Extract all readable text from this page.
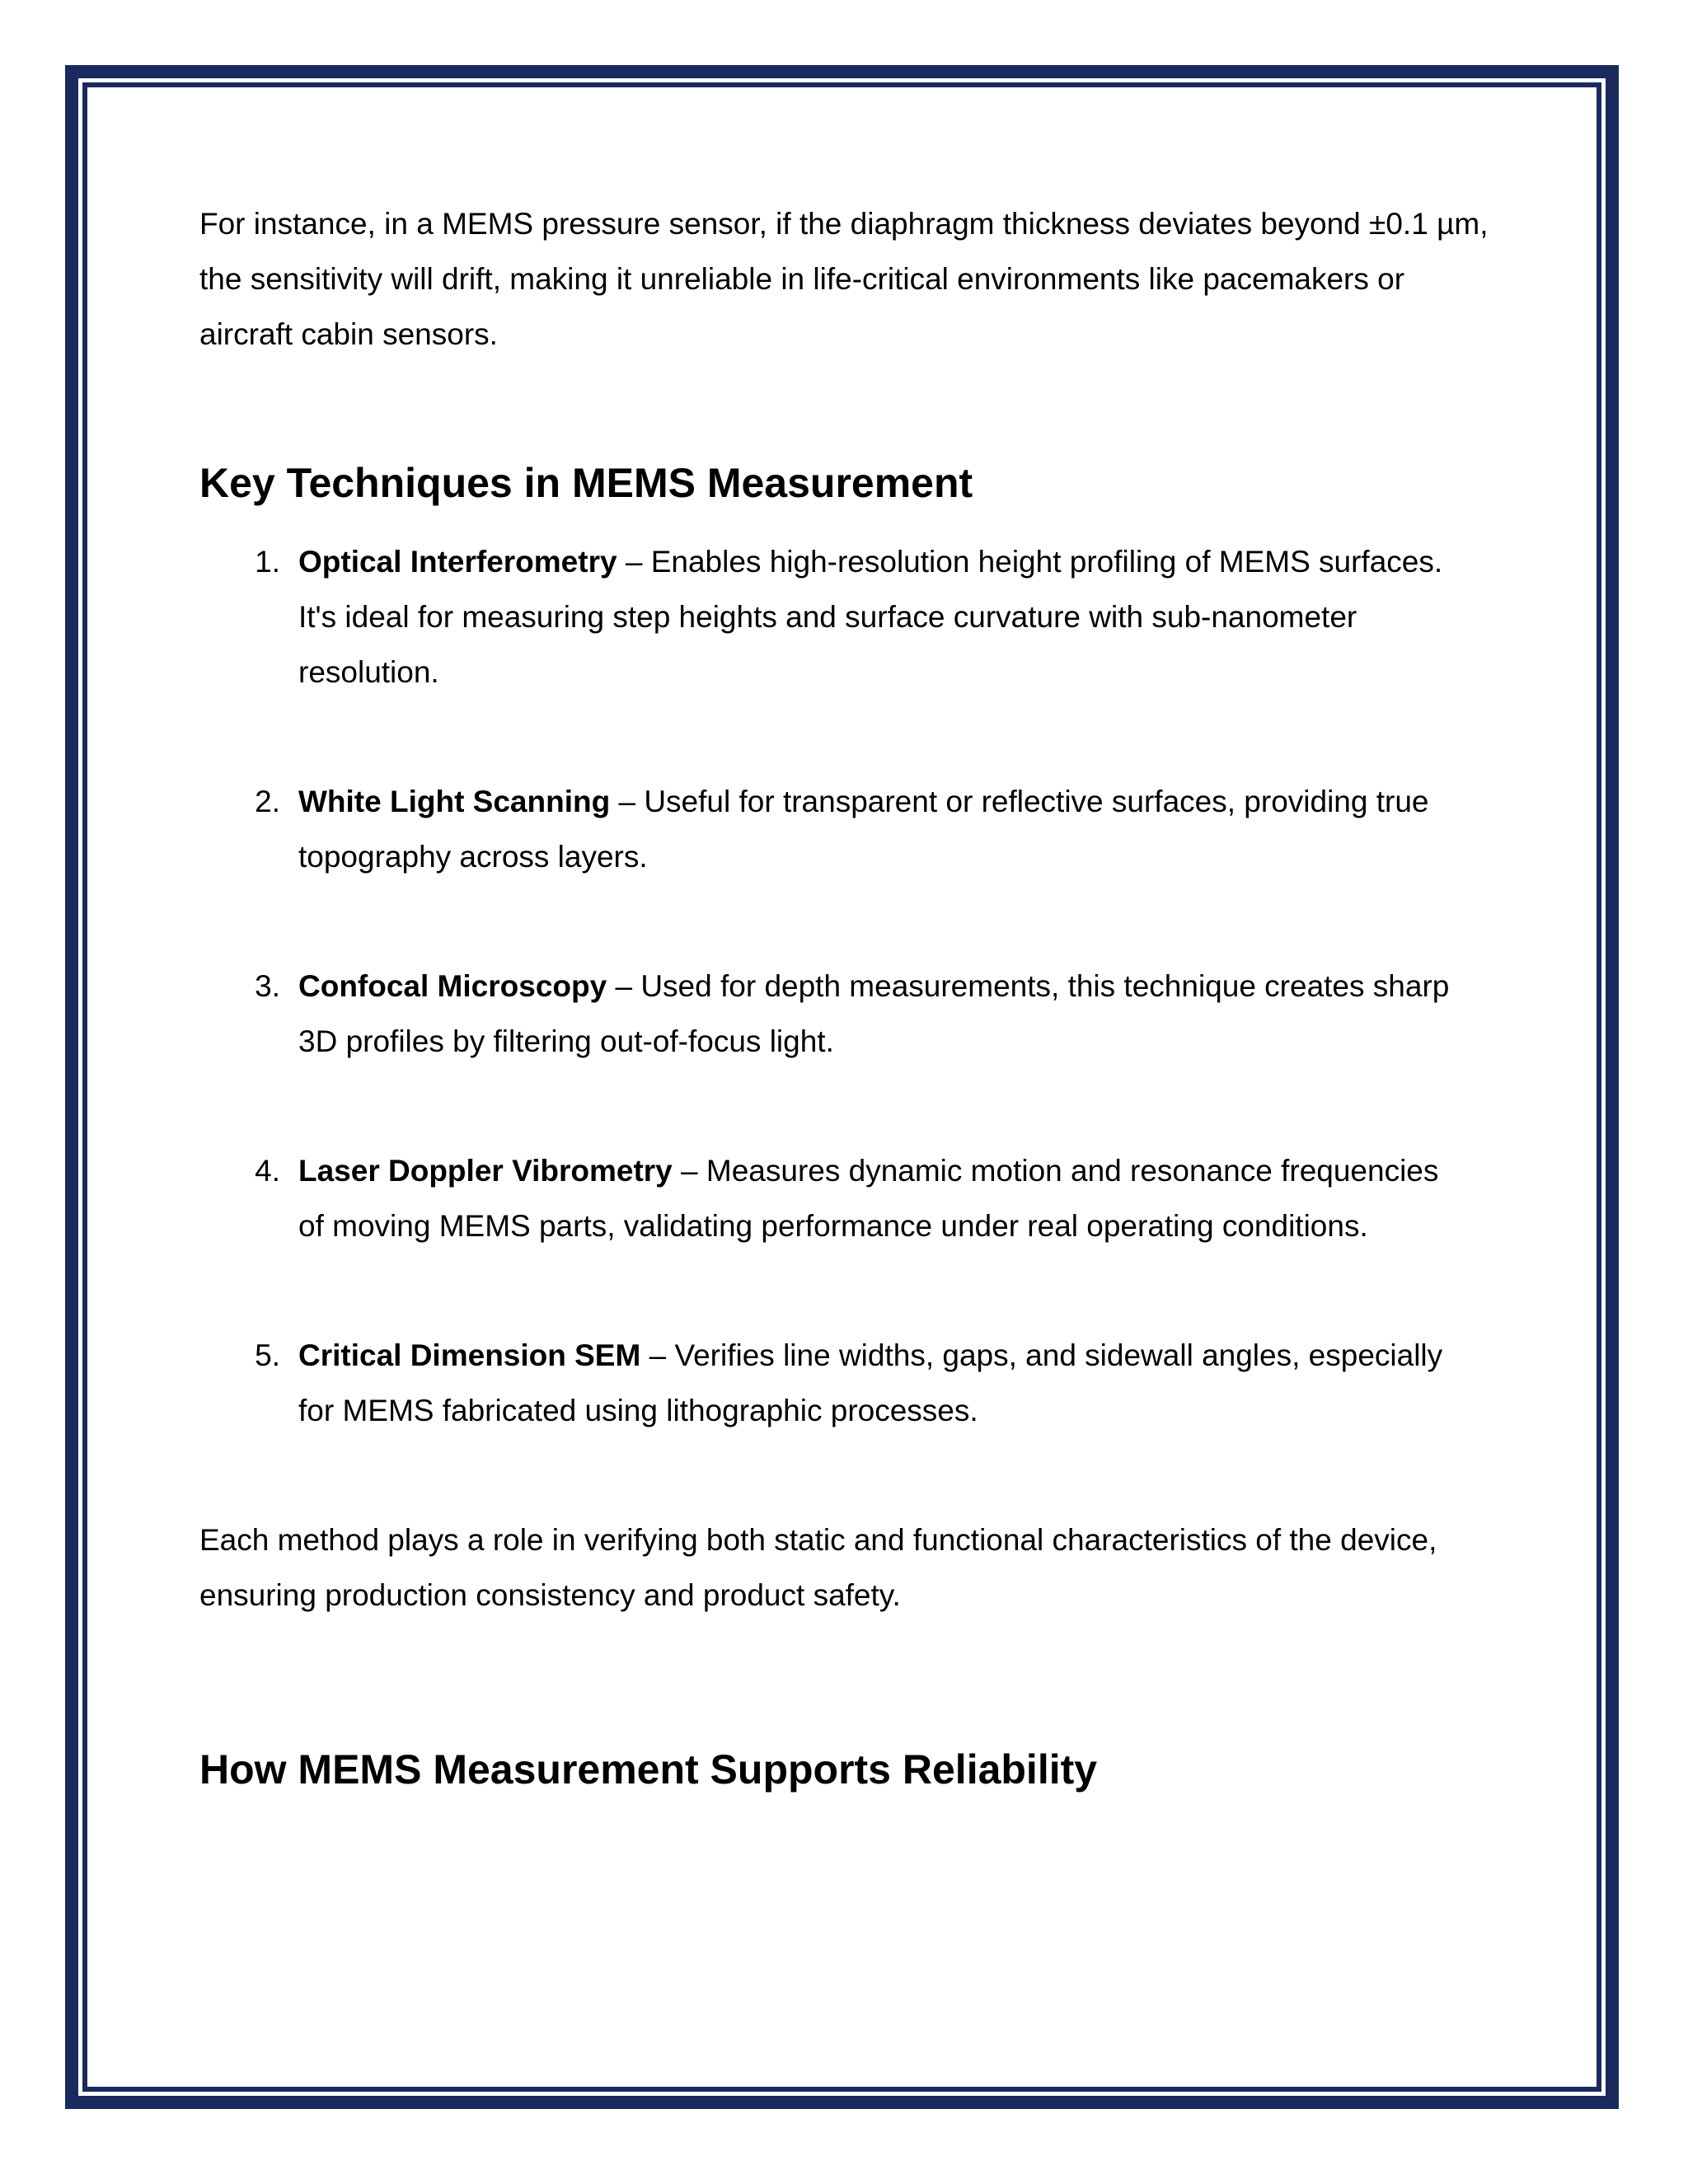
For instance, in a MEMS pressure sensor, if the diaphragm thickness deviates beyond ±0.1 µm, the sensitivity will drift, making it unreliable in life-critical environments like pacemakers or aircraft cabin sensors.

Key Techniques in MEMS Measurement
1. Optical Interferometry – Enables high-resolution height profiling of MEMS surfaces. It's ideal for measuring step heights and surface curvature with sub-nanometer resolution.
2. White Light Scanning – Useful for transparent or reflective surfaces, providing true topography across layers.
3. Confocal Microscopy – Used for depth measurements, this technique creates sharp 3D profiles by filtering out-of-focus light.
4. Laser Doppler Vibrometry – Measures dynamic motion and resonance frequencies of moving MEMS parts, validating performance under real operating conditions.
5. Critical Dimension SEM – Verifies line widths, gaps, and sidewall angles, especially for MEMS fabricated using lithographic processes.

Each method plays a role in verifying both static and functional characteristics of the device, ensuring production consistency and product safety.

How MEMS Measurement Supports Reliability
